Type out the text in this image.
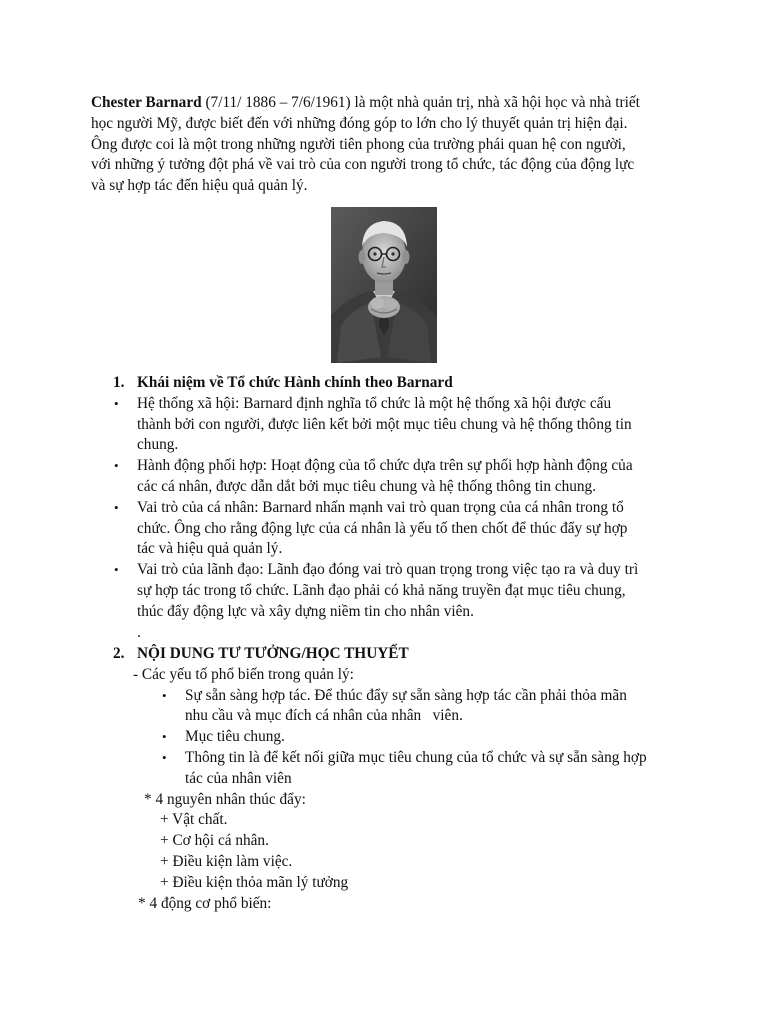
Chester Barnard (7/11/ 1886 – 7/6/1961) là một nhà quản trị, nhà xã hội học và nhà triết
học người Mỹ, được biết đến với những đóng góp to lớn cho lý thuyết quản trị hiện đại.
Ông được coi là một trong những người tiên phong của trường phái quan hệ con người,
với những ý tưởng đột phá về vai trò của con người trong tổ chức, tác động của động lực
và sự hợp tác đến hiệu quả quản lý.
1. Khái niệm về Tổ chức Hành chính theo Barnard
• Hệ thống xã hội: Barnard định nghĩa tổ chức là một hệ thống xã hội được cấu
thành bởi con người, được liên kết bởi một mục tiêu chung và hệ thống thông tin
chung.
• Hành động phối hợp: Hoạt động của tổ chức dựa trên sự phối hợp hành động của
các cá nhân, được dẫn dắt bởi mục tiêu chung và hệ thống thông tin chung.
• Vai trò của cá nhân: Barnard nhấn mạnh vai trò quan trọng của cá nhân trong tổ
chức. Ông cho rằng động lực của cá nhân là yếu tố then chốt để thúc đẩy sự hợp
tác và hiệu quả quản lý.
• Vai trò của lãnh đạo: Lãnh đạo đóng vai trò quan trọng trong việc tạo ra và duy trì
sự hợp tác trong tổ chức. Lãnh đạo phải có khả năng truyền đạt mục tiêu chung,
thúc đẩy động lực và xây dựng niềm tin cho nhân viên.
.
2. NỘI DUNG TƯ TƯỞNG/HỌC THUYẾT
- Các yếu tố phổ biến trong quản lý:
• Sự sẵn sàng hợp tác. Để thúc đẩy sự sẵn sàng hợp tác cần phải thỏa mãn
nhu cầu và mục đích cá nhân của nhân   viên.
• Mục tiêu chung.
• Thông tin là để kết nối giữa mục tiêu chung của tổ chức và sự sẵn sàng hợp
tác của nhân viên
* 4 nguyên nhân thúc đẩy:
+ Vật chất.
+ Cơ hội cá nhân.
+ Điều kiện làm việc.
+ Điều kiện thỏa mãn lý tưởng
* 4 động cơ phổ biến:
